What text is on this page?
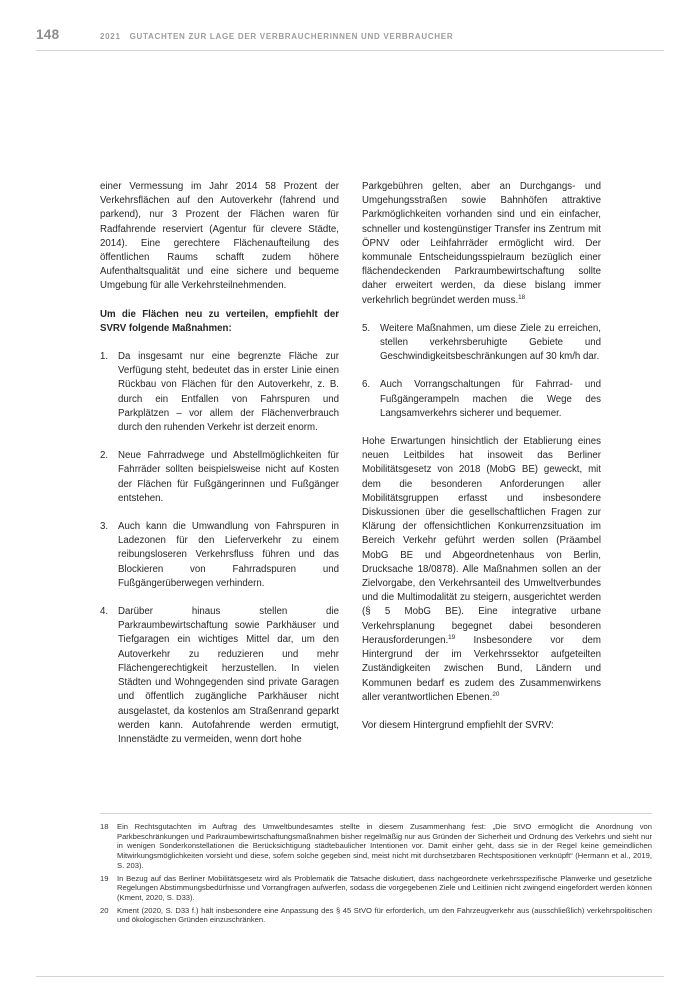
148	2021 GUTACHTEN ZUR LAGE DER VERBRAUCHERINNEN UND VERBRAUCHER

einer Vermessung im Jahr 2014 58 Prozent der Verkehrsflächen auf den Autoverkehr (fahrend und parkend), nur 3 Prozent der Flächen waren für Radfahrende reserviert (Agentur für clevere Städte, 2014). Eine gerechtere Flächenaufteilung des öffentlichen Raums schafft zudem höhere Aufenthaltsqualität und eine sichere und bequeme Umgebung für alle Verkehrsteilnehmenden.

Um die Flächen neu zu verteilen, empfiehlt der SVRV folgende Maßnahmen:

1.	Da insgesamt nur eine begrenzte Fläche zur Verfügung steht, bedeutet das in erster Linie einen Rückbau von Flächen für den Autoverkehr, z. B. durch ein Entfallen von Fahrspuren und Parkplätzen – vor allem der Flächenverbrauch durch den ruhenden Verkehr ist derzeit enorm.
2.	Neue Fahrradwege und Abstellmöglichkeiten für Fahrräder sollten beispielsweise nicht auf Kosten der Flächen für Fußgängerinnen und Fußgänger entstehen.
3.	Auch kann die Umwandlung von Fahrspuren in Ladezonen für den Lieferverkehr zu einem reibungsloseren Verkehrsfluss führen und das Blockieren von Fahrradspuren und Fußgängerüberwegen verhindern.
4.	Darüber hinaus stellen die Parkraumbewirtschaftung sowie Parkhäuser und Tiefgaragen ein wichtiges Mittel dar, um den Autoverkehr zu reduzieren und mehr Flächengerechtigkeit herzustellen. In vielen Städten und Wohngegenden sind private Garagen und öffentlich zugängliche Parkhäuser nicht ausgelastet, da kostenlos am Straßenrand geparkt werden kann. Autofahrende werden ermutigt, Innenstädte zu vermeiden, wenn dort hohe

Parkgebühren gelten, aber an Durchgangs- und Umgehungsstraßen sowie Bahnhöfen attraktive Parkmöglichkeiten vorhanden sind und ein einfacher, schneller und kostengünstiger Transfer ins Zentrum mit ÖPNV oder Leihfahrräder ermöglicht wird. Der kommunale Entscheidungsspielraum bezüglich einer flächendeckenden Parkraumbewirtschaftung sollte daher erweitert werden, da diese bislang immer verkehrlich begründet werden muss.$^{18}$

5.	Weitere Maßnahmen, um diese Ziele zu erreichen, stellen verkehrsberuhigte Gebiete und Geschwindigkeitsbeschränkungen auf 30 km/h dar.
6.	Auch Vorrangschaltungen für Fahrrad- und Fußgängerampeln machen die Wege des Langsamverkehrs sicherer und bequemer.

Hohe Erwartungen hinsichtlich der Etablierung eines neuen Leitbildes hat insoweit das Berliner Mobilitätsgesetz von 2018 (MobG BE) geweckt, mit dem die besonderen Anforderungen aller Mobilitätsgruppen erfasst und insbesondere Diskussionen über die gesellschaftlichen Fragen zur Klärung der offensichtlichen Konkurrenzsituation im Bereich Verkehr geführt werden sollen (Präambel MobG BE und Abgeordnetenhaus von Berlin, Drucksache 18/0878). Alle Maßnahmen sollen an der Zielvorgabe, den Verkehrsanteil des Umweltverbundes und die Multimodalität zu steigern, ausgerichtet werden (§ 5 MobG BE). Eine integrative urbane Verkehrsplanung begegnet dabei besonderen Herausforderungen.$^{19}$ Insbesondere vor dem Hintergrund der im Verkehrssektor aufgeteilten Zuständigkeiten zwischen Bund, Ländern und Kommunen bedarf es zudem des Zusammenwirkens aller verantwortlichen Ebenen.$^{20}$

Vor diesem Hintergrund empfiehlt der SVRV:

18	Ein Rechtsgutachten im Auftrag des Umweltbundesamtes stellte in diesem Zusammenhang fest: „Die StVO ermöglicht die Anordnung von Parkbeschränkungen und Parkraumbewirtschaftungsmaßnahmen bisher regelmäßig nur aus Gründen der Sicherheit und Ordnung des Verkehrs und sieht nur in wenigen Sonderkonstellationen die Berücksichtigung städtebaulicher Intentionen vor. Damit einher geht, dass sie in der Regel keine gemeindlichen Mitwirkungsmöglichkeiten vorsieht und diese, sofern solche gegeben sind, meist nicht mit durchsetzbaren Rechtspositionen verknüpft“ (Hermann et al., 2019, S. 203).
19	In Bezug auf das Berliner Mobilitätsgesetz wird als Problematik die Tatsache diskutiert, dass nachgeordnete verkehrsspezifische Planwerke und gesetzliche Regelungen Abstimmungsbedürfnisse und Vorrangfragen aufwerfen, sodass die vorgegebenen Ziele und Leitlinien nicht zwingend eingefordert werden können (Kment, 2020, S. D33).
20	Kment (2020, S. D33 f.) hält insbesondere eine Anpassung des § 45 StVO für erforderlich, um den Fahrzeugverkehr aus (ausschließlich) verkehrspolitischen und ökologischen Gründen einzuschränken.
